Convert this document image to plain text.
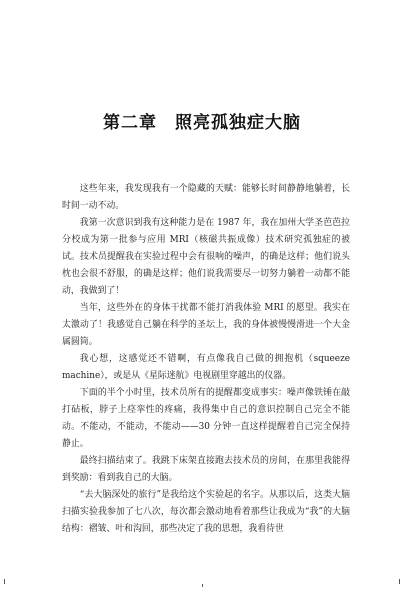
第二章　照亮孤独症大脑

这些年来，我发现我有一个隐藏的天赋：能够长时间静静地躺着，长时间一动不动。

我第一次意识到我有这种能力是在 1987 年，我在加州大学圣芭芭拉分校成为第一批参与应用 MRI（核磁共振成像）技术研究孤独症的被试。技术员提醒我在实验过程中会有很响的噪声，的确是这样；他们说头枕也会很不舒服，的确是这样；他们说我需要尽一切努力躺着一动都不能动，我做到了！

当年，这些外在的身体干扰都不能打消我体验 MRI 的愿望。我实在太激动了！我感觉自己躺在科学的圣坛上，我的身体被慢慢滑进一个大金属圆筒。

我心想，这感觉还不错啊，有点像我自己做的拥抱机（squeeze machine），或是从《星际迷航》电视剧里穿越出的仪器。

下面的半个小时里，技术员所有的提醒都变成事实：噪声像铁锤在敲打砧板，脖子上痉挛性的疼痛，我得集中自己的意识控制自己完全不能动。不能动，不能动，不能动——30 分钟一直这样提醒着自己完全保持静止。

最终扫描结束了。我跳下床架直接跑去技术员的房间，在那里我能得到奖励：看到我自己的大脑。

“去大脑深处的旅行”是我给这个实验起的名字。从那以后，这类大脑扫描实验我参加了七八次，每次都会激动地看着那些让我成为“我”的大脑结构：褶皱、叶和沟回，那些决定了我的思想，我看待世
